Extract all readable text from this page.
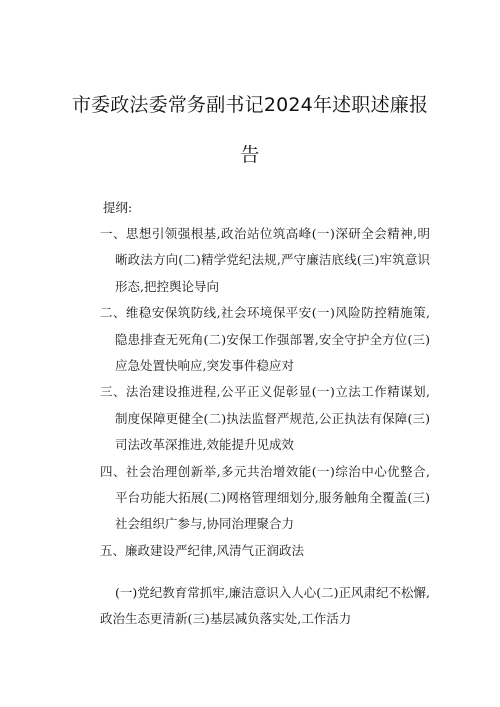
市委政法委常务副书记2024年述职述廉报
告
提纲:
一、思想引领强根基,政治站位筑高峰(一)深研全会精神,明晰政法方向(二)精学党纪法规,严守廉洁底线(三)牢筑意识形态,把控舆论导向
二、维稳安保筑防线,社会环境保平安(一)风险防控精施策,隐患排查无死角(二)安保工作强部署,安全守护全方位(三)应急处置快响应,突发事件稳应对
三、法治建设推进程,公平正义促彰显(一)立法工作精谋划,制度保障更健全(二)执法监督严规范,公正执法有保障(三)司法改革深推进,效能提升见成效
四、社会治理创新举,多元共治增效能(一)综治中心优整合,平台功能大拓展(二)网格管理细划分,服务触角全覆盖(三)社会组织广参与,协同治理聚合力
五、廉政建设严纪律,风清气正润政法

(一)党纪教育常抓牢,廉洁意识入人心(二)正风肃纪不松懈,政治生态更清新(三)基层减负落实处,工作活力
